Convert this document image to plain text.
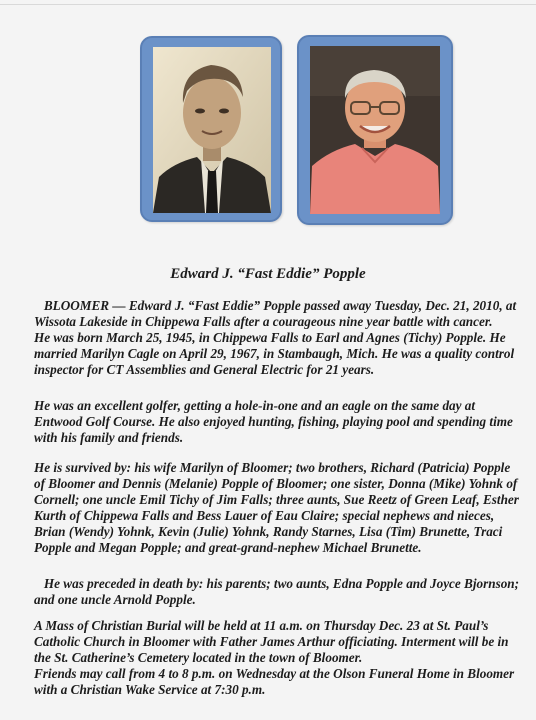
Edward J. “Fast Eddie” Popple

BLOOMER — Edward J. “Fast Eddie” Popple passed away Tuesday, Dec. 21, 2010, at
Wissota Lakeside in Chippewa Falls after a courageous nine year battle with cancer.
He was born March 25, 1945, in Chippewa Falls to Earl and Agnes (Tichy) Popple. He
married Marilyn Cagle on April 29, 1967, in Stambaugh, Mich. He was a quality control
inspector for CT Assemblies and General Electric for 21 years.

He was an excellent golfer, getting a hole-in-one and an eagle on the same day at
Entwood Golf Course. He also enjoyed hunting, fishing, playing pool and spending time
with his family and friends.

He is survived by: his wife Marilyn of Bloomer; two brothers, Richard (Patricia) Popple
of Bloomer and Dennis (Melanie) Popple of Bloomer; one sister, Donna (Mike) Yohnk of
Cornell; one uncle Emil Tichy of Jim Falls; three aunts, Sue Reetz of Green Leaf, Esther
Kurth of Chippewa Falls and Bess Lauer of Eau Claire; special nephews and nieces,
Brian (Wendy) Yohnk, Kevin (Julie) Yohnk, Randy Starnes, Lisa (Tim) Brunette, Traci
Popple and Megan Popple; and great-grand-nephew Michael Brunette.

He was preceded in death by: his parents; two aunts, Edna Popple and Joyce Bjornson;
and one uncle Arnold Popple.

A Mass of Christian Burial will be held at 11 a.m. on Thursday Dec. 23 at St. Paul’s
Catholic Church in Bloomer with Father James Arthur officiating. Interment will be in
the St. Catherine’s Cemetery located in the town of Bloomer.
Friends may call from 4 to 8 p.m. on Wednesday at the Olson Funeral Home in Bloomer
with a Christian Wake Service at 7:30 p.m.
